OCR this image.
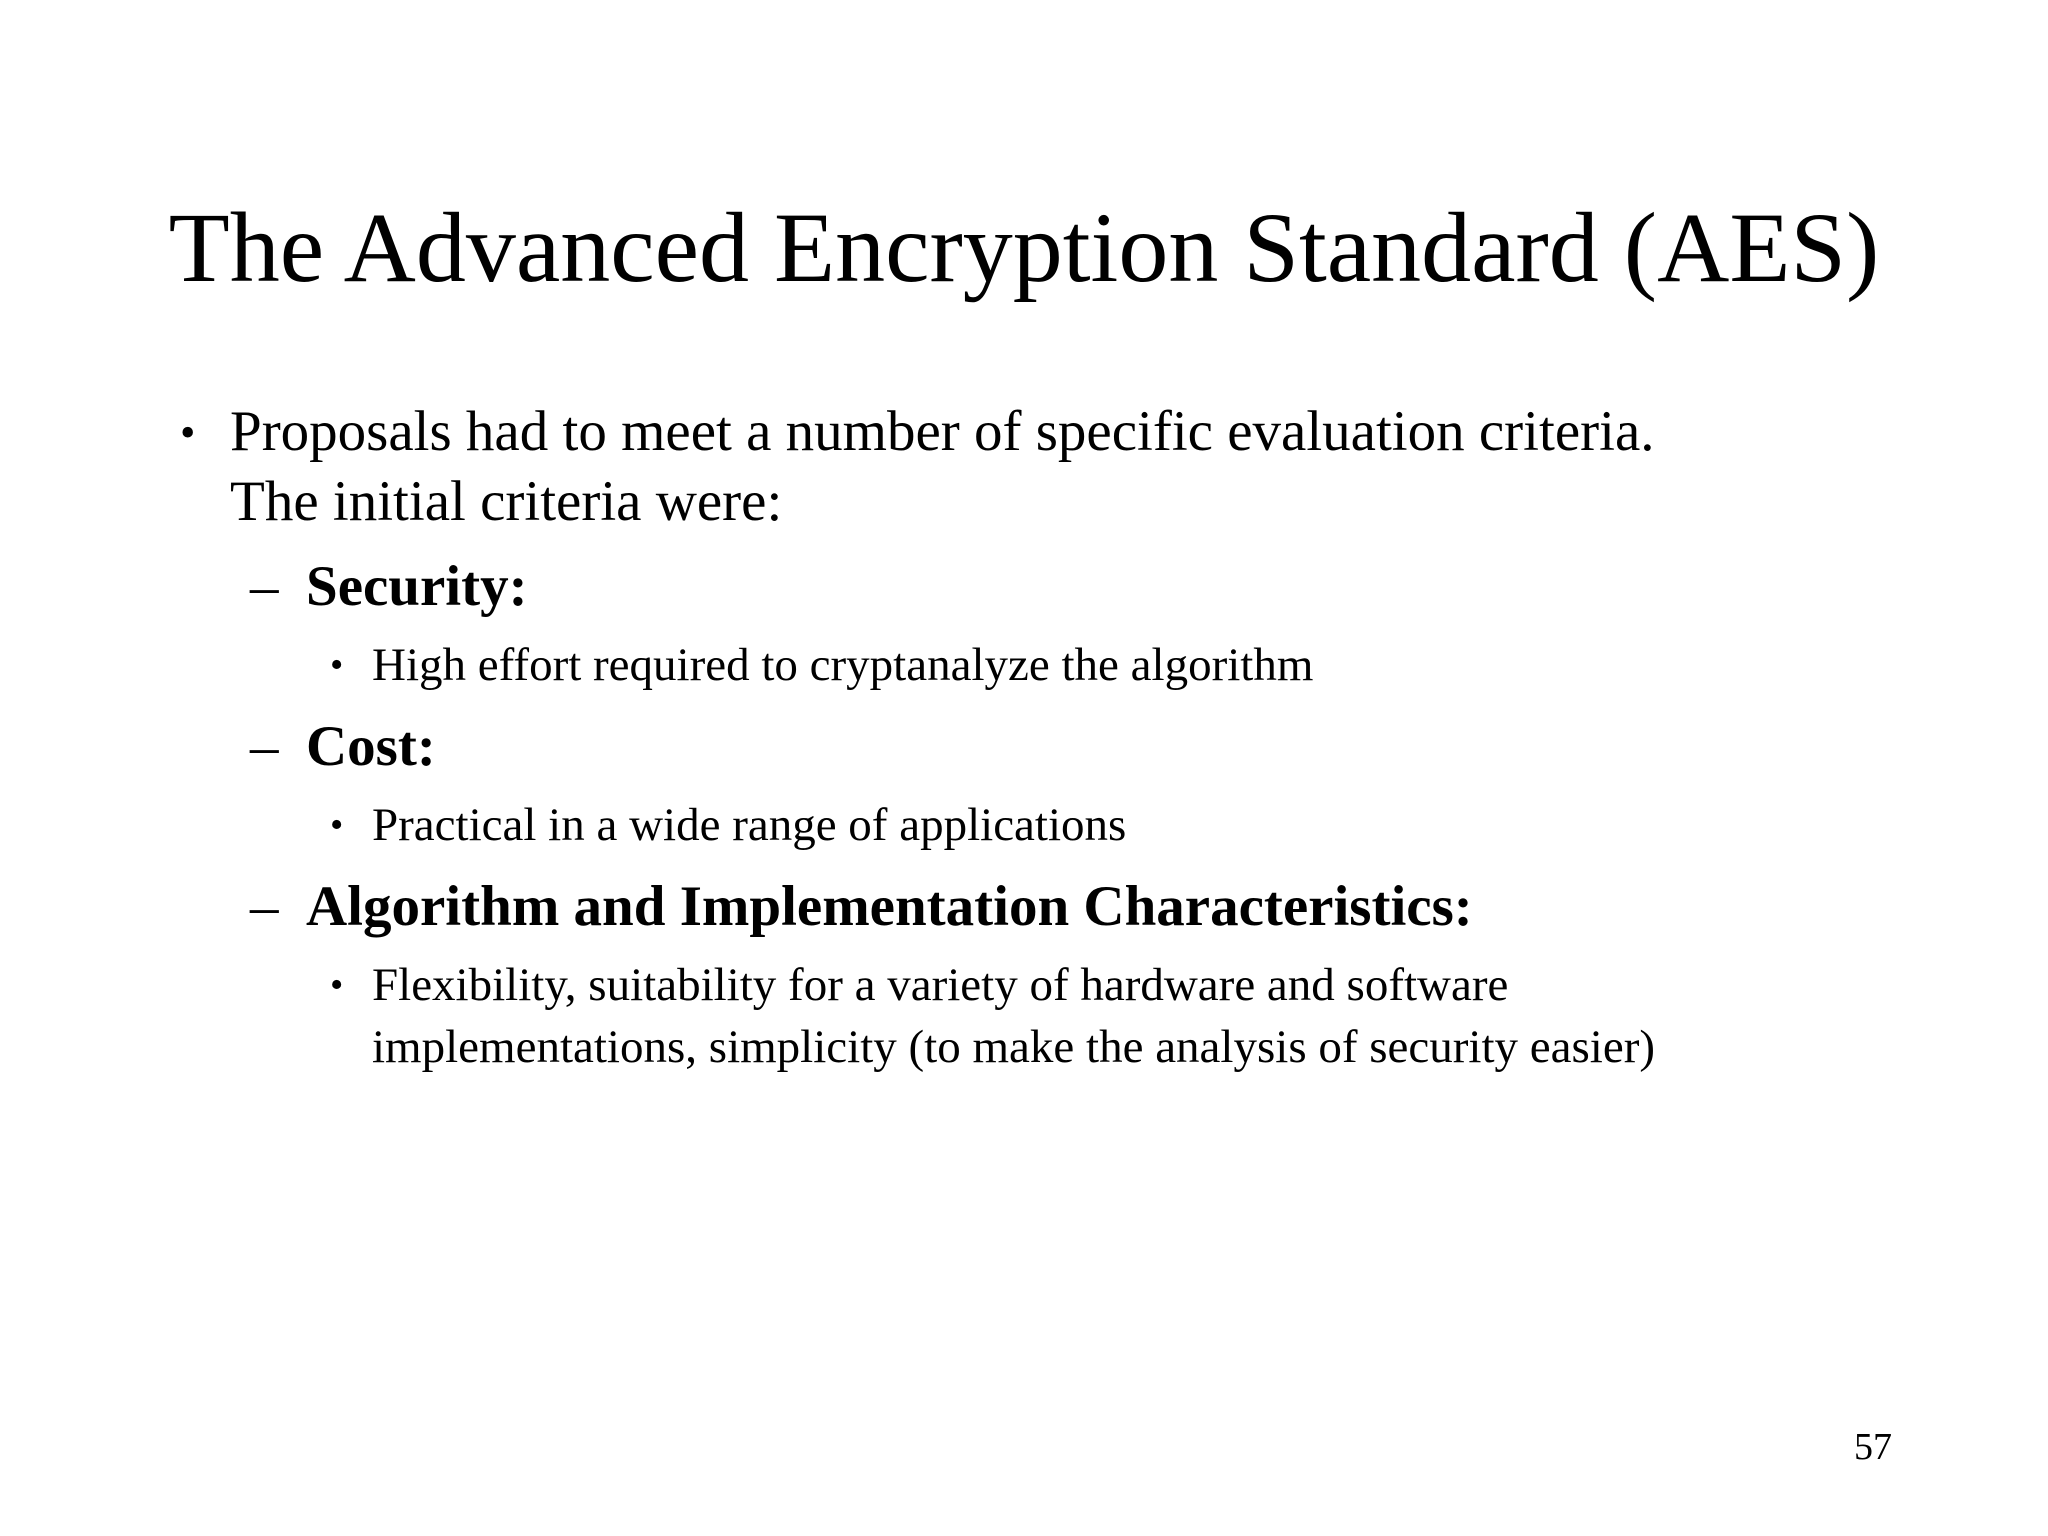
The Advanced Encryption Standard (AES)
• Proposals had to meet a number of specific evaluation criteria.
The initial criteria were:
– Security:
• High effort required to cryptanalyze the algorithm
– Cost:
• Practical in a wide range of applications
– Algorithm and Implementation Characteristics:
• Flexibility, suitability for a variety of hardware and software
implementations, simplicity (to make the analysis of security easier)
57
